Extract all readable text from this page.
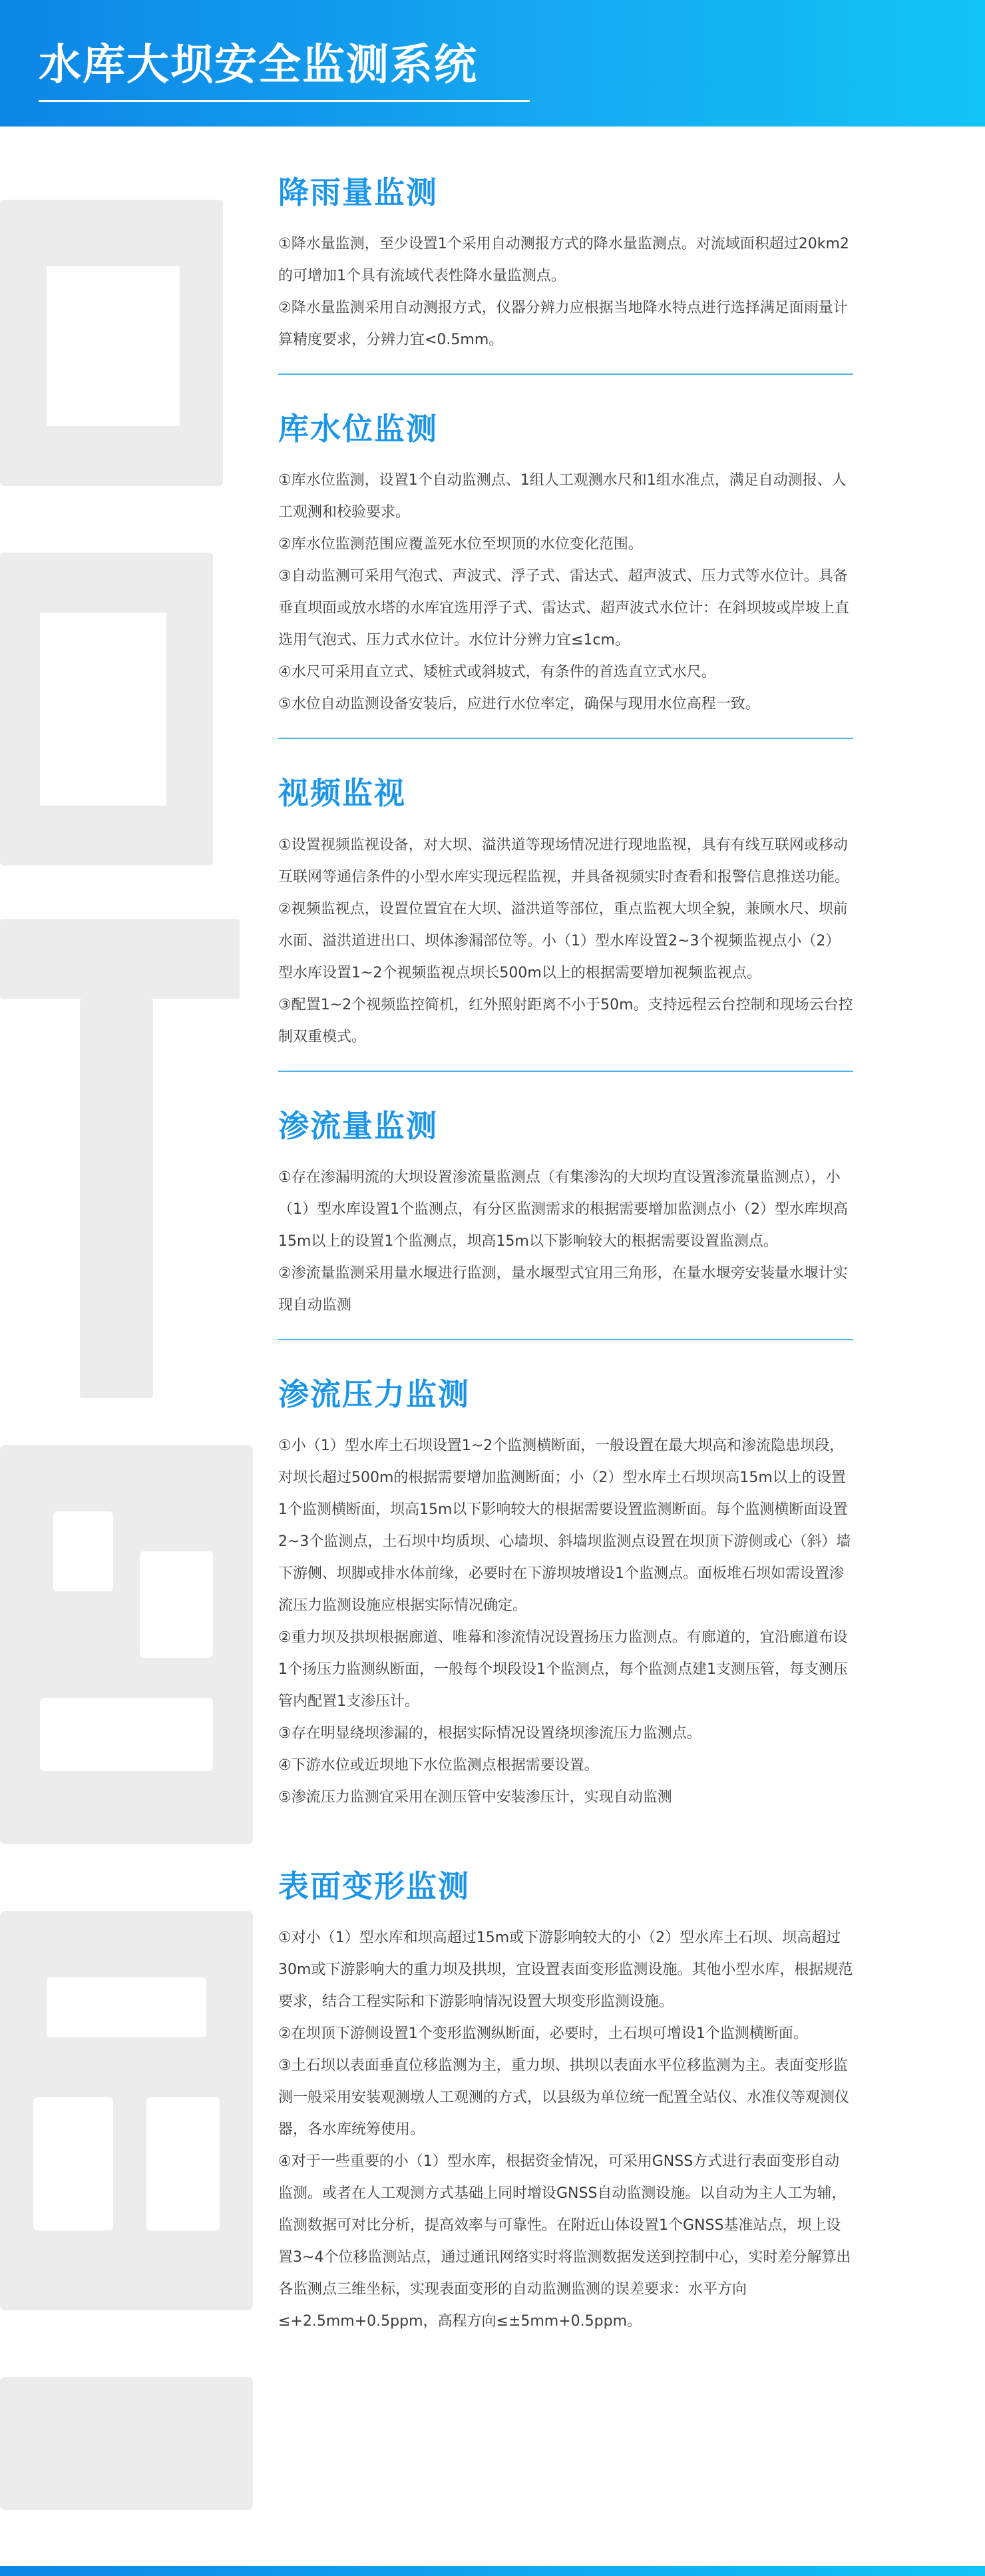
水库大坝安全监测系统
降雨量监测

①降水量监测，至少设置1个采用自动测报方式的降水量监测点。对流域面积超过20km2的可增加1个具有流域代表性降水量监测点。

②降水量监测采用自动测报方式，仪器分辨力应根据当地降水特点进行选择满足面雨量计算精度要求，分辨力宜<0.5mm。

库水位监测

①库水位监测，设置1个自动监测点、1组人工观测水尺和1组水准点，满足自动测报、人工观测和校验要求。

②库水位监测范围应覆盖死水位至坝顶的水位变化范围。

③自动监测可采用气泡式、声波式、浮子式、雷达式、超声波式、压力式等水位计。具备垂直坝面或放水塔的水库宜选用浮子式、雷达式、超声波式水位计：在斜坝坡或岸坡上直选用气泡式、压力式水位计。水位计分辨力宜≤1cm。

④水尺可采用直立式、矮桩式或斜坡式，有条件的首选直立式水尺。

⑤水位自动监测设备安装后，应进行水位率定，确保与现用水位高程一致。

视频监视

①设置视频监视设备，对大坝、溢洪道等现场情况进行现地监视，具有有线互联网或移动互联网等通信条件的小型水库实现远程监视，并具备视频实时查看和报警信息推送功能。

②视频监视点，设置位置宜在大坝、溢洪道等部位，重点监视大坝全貌，兼顾水尺、坝前水面、溢洪道进出口、坝体渗漏部位等。小（1）型水库设置2~3个视频监视点小（2）型水库设置1~2个视频监视点坝长500m以上的根据需要增加视频监视点。

③配置1~2个视频监控简机，红外照射距离不小于50m。支持远程云台控制和现场云台控制双重模式。

渗流量监测

①存在渗漏明流的大坝设置渗流量监测点（有集渗沟的大坝均直设置渗流量监测点），小（1）型水库设置1个监测点，有分区监测需求的根据需要增加监测点小（2）型水库坝高15m以上的设置1个监测点，坝高15m以下影响较大的根据需要设置监测点。

②渗流量监测采用量水堰进行监测，量水堰型式宜用三角形，在量水堰旁安装量水堰计实现自动监测

渗流压力监测

①小（1）型水库土石坝设置1~2个监测横断面，一般设置在最大坝高和渗流隐患坝段，对坝长超过500m的根据需要增加监测断面；小（2）型水库土石坝坝高15m以上的设置1个监测横断面，坝高15m以下影响较大的根据需要设置监测断面。每个监测横断面设置2~3个监测点，土石坝中均质坝、心墙坝、斜墙坝监测点设置在坝顶下游侧或心（斜）墙下游侧、坝脚或排水体前缘，必要时在下游坝坡增设1个监测点。面板堆石坝如需设置渗流压力监测设施应根据实际情况确定。

②重力坝及拱坝根据廊道、唯幕和渗流情况设置扬压力监测点。有廊道的，宜沿廊道布设1个扬压力监测纵断面，一般每个坝段设1个监测点，每个监测点建1支测压管，每支测压管内配置1支渗压计。

③存在明显绕坝渗漏的，根据实际情况设置绕坝渗流压力监测点。

④下游水位或近坝地下水位监测点根据需要设置。

⑤渗流压力监测宜采用在测压管中安装渗压计，实现自动监测

表面变形监测

①对小（1）型水库和坝高超过15m或下游影响较大的小（2）型水库土石坝、坝高超过30m或下游影响大的重力坝及拱坝，宜设置表面变形监测设施。其他小型水库，根据规范要求，结合工程实际和下游影响情况设置大坝变形监测设施。

②在坝顶下游侧设置1个变形监测纵断面，必要时，土石坝可增设1个监测横断面。

③土石坝以表面垂直位移监测为主，重力坝、拱坝以表面水平位移监测为主。表面变形监测一般采用安装观测墩人工观测的方式，以县级为单位统一配置全站仪、水准仪等观测仪器，各水库统筹使用。

④对于一些重要的小（1）型水库，根据资金情况，可采用GNSS方式进行表面变形自动监测。或者在人工观测方式基础上同时增设GNSS自动监测设施。以自动为主人工为辅，监测数据可对比分析，提高效率与可靠性。在附近山体设置1个GNSS基准站点，坝上设置3~4个位移监测站点，通过通讯网络实时将监测数据发送到控制中心，实时差分解算出各监测点三维坐标，实现表面变形的自动监测监测的误差要求：水平方向≤+2.5mm+0.5ppm，高程方向≤±5mm+0.5ppm。
